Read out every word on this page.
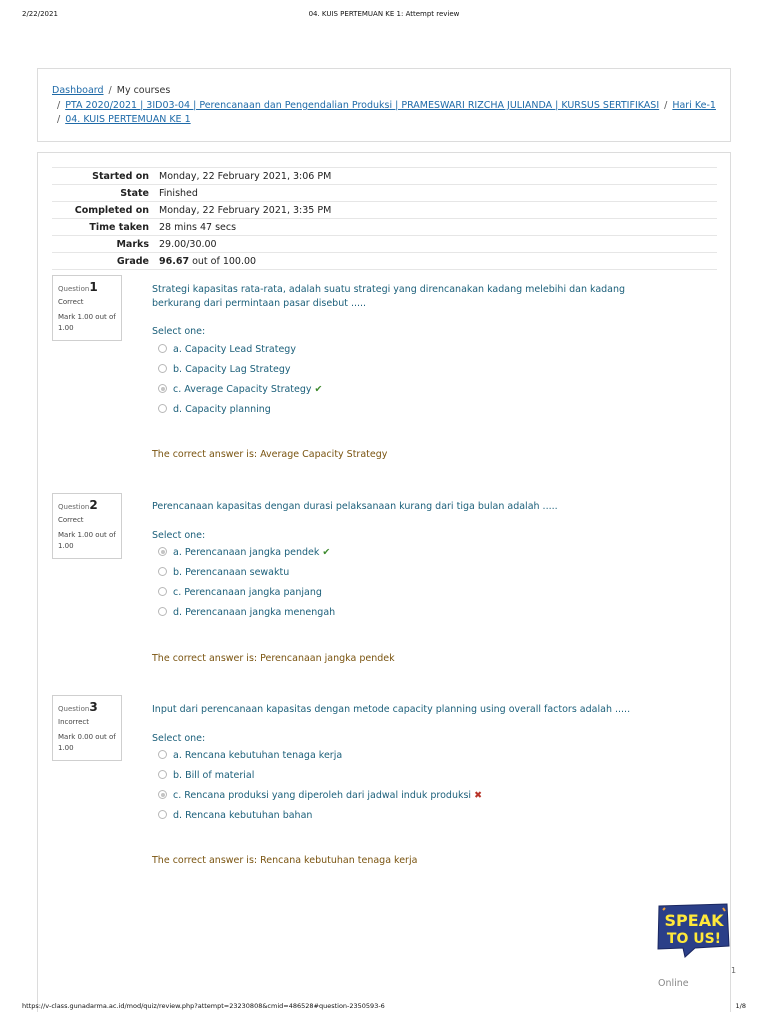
2/22/2021	04. KUIS PERTEMUAN KE 1: Attempt review
Dashboard / My courses
/ PTA 2020/2021 | 3ID03-04 | Perencanaan dan Pengendalian Produksi | PRAMESWARI RIZCHA JULIANDA | KURSUS SERTIFIKASI / Hari Ke-1
/ 04. KUIS PERTEMUAN KE 1
Started on Monday, 22 February 2021, 3:06 PM
State Finished
Completed on Monday, 22 February 2021, 3:35 PM
Time taken 28 mins 47 secs
Marks 29.00/30.00
Grade 96.67 out of 100.00
Question1
Correct
Mark 1.00 out of 1.00
Strategi kapasitas rata-rata, adalah suatu strategi yang direncanakan kadang melebihi dan kadang berkurang dari permintaan pasar disebut .....
Select one:
a. Capacity Lead Strategy
b. Capacity Lag Strategy
c. Average Capacity Strategy ✔
d. Capacity planning
The correct answer is: Average Capacity Strategy
Question2
Correct
Mark 1.00 out of 1.00
Perencanaan kapasitas dengan durasi pelaksanaan kurang dari tiga bulan adalah .....
Select one:
a. Perencanaan jangka pendek ✔
b. Perencanaan sewaktu
c. Perencanaan jangka panjang
d. Perencanaan jangka menengah
The correct answer is: Perencanaan jangka pendek
Question3
Incorrect
Mark 0.00 out of 1.00
Input dari perencanaan kapasitas dengan metode capacity planning using overall factors adalah .....
Select one:
a. Rencana kebutuhan tenaga kerja
b. Bill of material
c. Rencana produksi yang diperoleh dari jadwal induk produksi ✖
d. Rencana kebutuhan bahan
The correct answer is: Rencana kebutuhan tenaga kerja
SPEAK
TO US!
1
Online
https://v-class.gunadarma.ac.id/mod/quiz/review.php?attempt=23230808&cmid=486528#question-2350593-6	1/8
